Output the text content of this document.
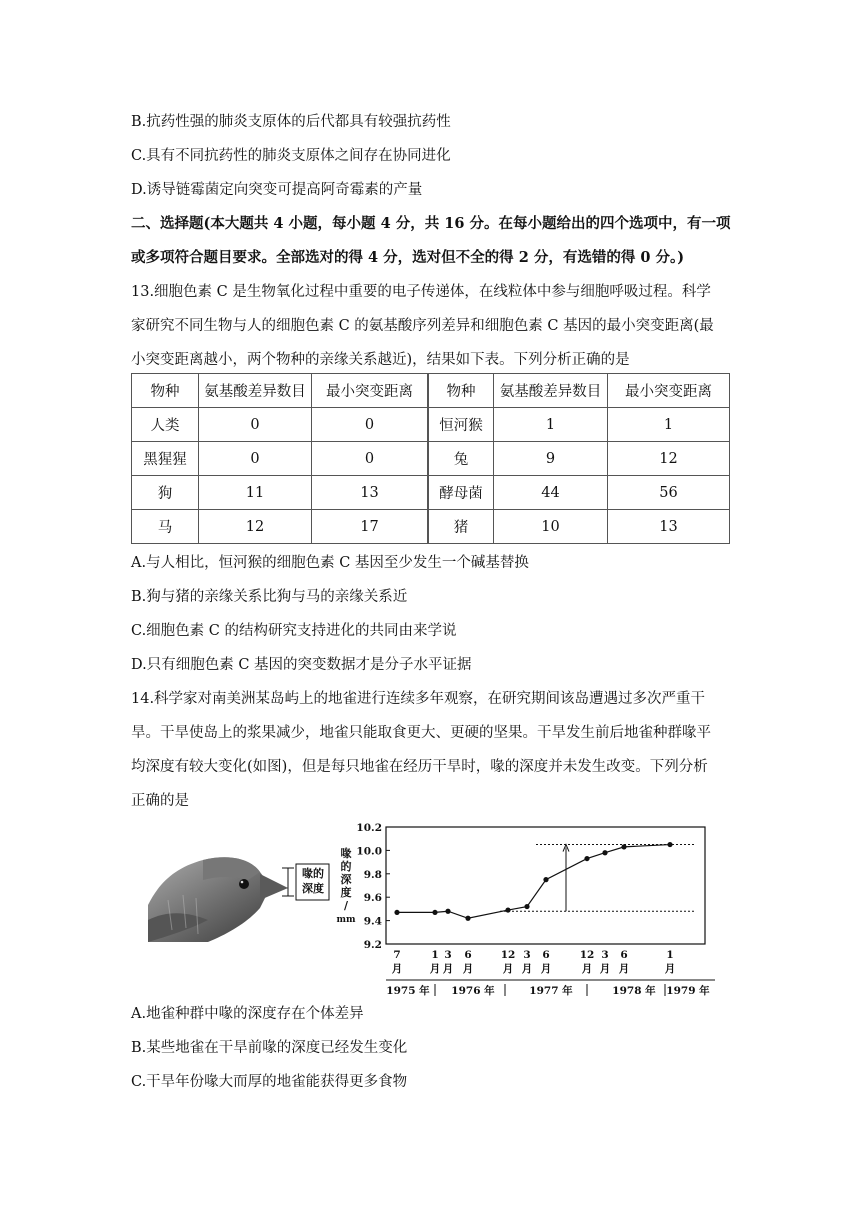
B.抗药性强的肺炎支原体的后代都具有较强抗药性
C.具有不同抗药性的肺炎支原体之间存在协同进化
D.诱导链霉菌定向突变可提高阿奇霉素的产量
二、选择题(本大题共 4 小题，每小题 4 分，共 16 分。在每小题给出的四个选项中，有一项
或多项符合题目要求。全部选对的得 4 分，选对但不全的得 2 分，有选错的得 0 分。)
13.细胞色素 C 是生物氧化过程中重要的电子传递体，在线粒体中参与细胞呼吸过程。科学
家研究不同生物与人的细胞色素 C 的氨基酸序列差异和细胞色素 C 基因的最小突变距离(最
小突变距离越小，两个物种的亲缘关系越近)，结果如下表。下列分析正确的是
物种	氨基酸差异数目	最小突变距离
人类	0	0
黑猩猩	0	0
狗	11	13
马	12	17
物种	氨基酸差异数目	最小突变距离
恒河猴	1	1
兔	9	12
酵母菌	44	56
猪	10	13
A.与人相比，恒河猴的细胞色素 C 基因至少发生一个碱基替换
B.狗与猪的亲缘关系比狗与马的亲缘关系近
C.细胞色素 C 的结构研究支持进化的共同由来学说
D.只有细胞色素 C 基因的突变数据才是分子水平证据
14.科学家对南美洲某岛屿上的地雀进行连续多年观察，在研究期间该岛遭遇过多次严重干
旱。干旱使岛上的浆果减少，地雀只能取食更大、更硬的坚果。干旱发生前后地雀种群喙平
均深度有较大变化(如图)，但是每只地雀在经历干旱时，喙的深度并未发生改变。下列分析
正确的是
喙的
深度
10.2
10.0
9.8
9.6
9.4
9.2
喙
的
深
度
/
mm
7
月
1
月
3
月
6
月
12
月
3
月
6
月
12
月
3
月
6
月
1
月
1975 年 1976 年	1977 年	1978 年 1979 年
A.地雀种群中喙的深度存在个体差异
B.某些地雀在干旱前喙的深度已经发生变化
C.干旱年份喙大而厚的地雀能获得更多食物
